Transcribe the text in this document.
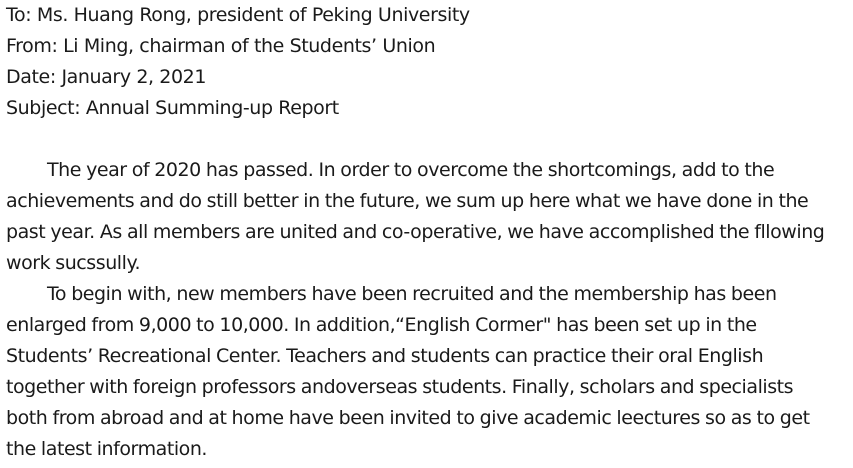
To: Ms. Huang Rong, president of Peking University
From: Li Ming, chairman of the Students’ Union
Date: January 2, 2021
Subject: Annual Summing-up Report

The year of 2020 has passed. In order to overcome the shortcomings, add to the achievements and do still better in the future, we sum up here what we have done in the past year. As all members are united and co-operative, we have accomplished the fllowing work sucssully.

To begin with, new members have been recruited and the membership has been enlarged from 9,000 to 10,000. In addition,“English Cormer" has been set up in the Students’ Recreational Center. Teachers and students can practice their oral English together with foreign professors andoverseas students. Finally, scholars and specialists both from abroad and at home have been invited to give academic leectures so as to get the latest information.
